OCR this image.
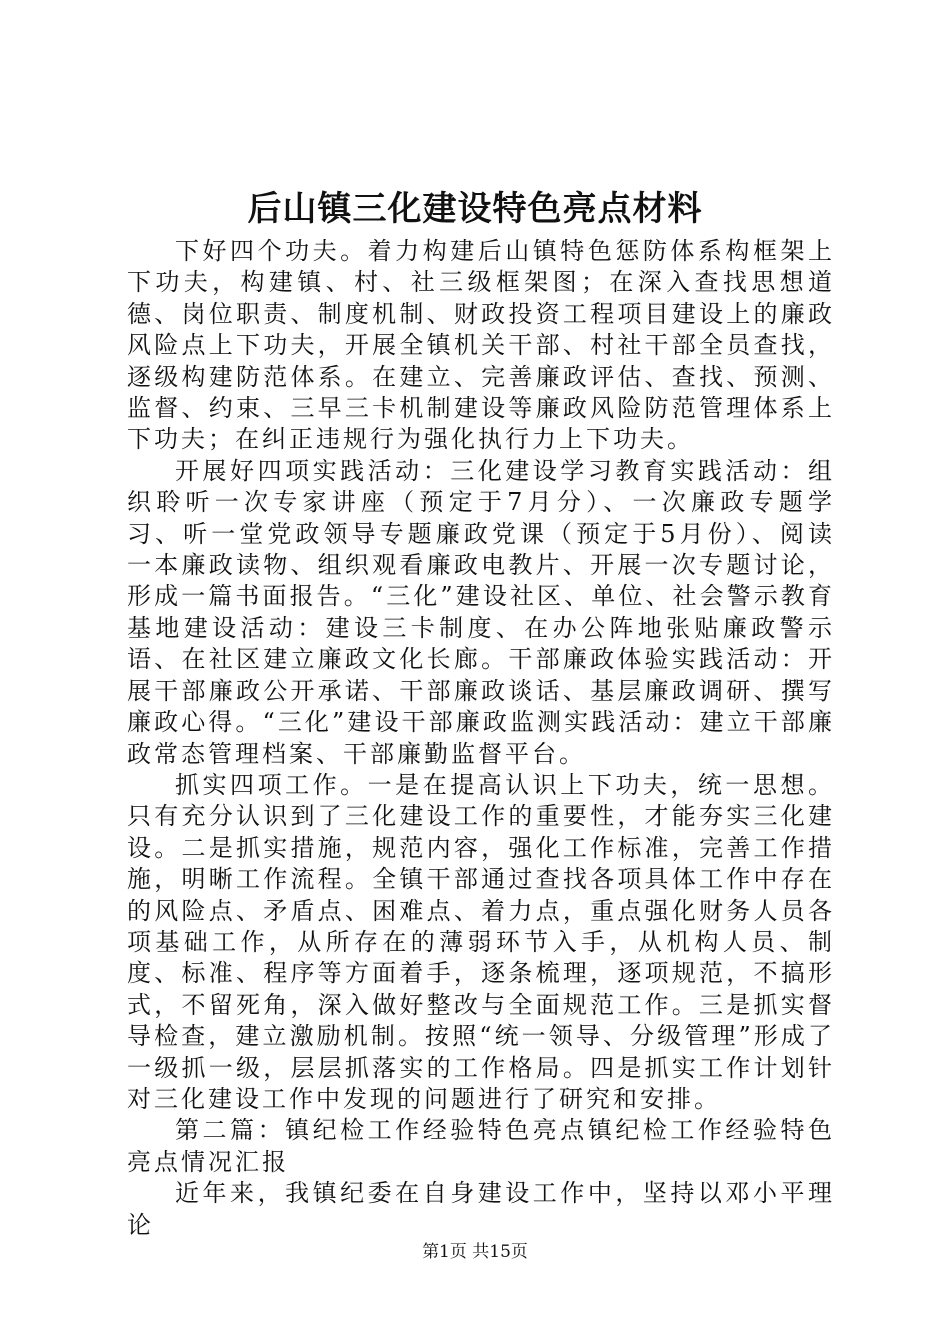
后山镇三化建设特色亮点材料

下好四个功夫。着力构建后山镇特色惩防体系构框架上下功夫，构建镇、村、社三级框架图；在深入查找思想道德、岗位职责、制度机制、财政投资工程项目建设上的廉政风险点上下功夫，开展全镇机关干部、村社干部全员查找，逐级构建防范体系。在建立、完善廉政评估、查找、预测、监督、约束、三早三卡机制建设等廉政风险防范管理体系上下功夫；在纠正违规行为强化执行力上下功夫。

开展好四项实践活动：三化建设学习教育实践活动：组织聆听一次专家讲座（预定于7月分）、一次廉政专题学习、听一堂党政领导专题廉政党课（预定于5月份）、阅读一本廉政读物、组织观看廉政电教片、开展一次专题讨论，形成一篇书面报告。“三化”建设社区、单位、社会警示教育基地建设活动：建设三卡制度、在办公阵地张贴廉政警示语、在社区建立廉政文化长廊。干部廉政体验实践活动：开展干部廉政公开承诺、干部廉政谈话、基层廉政调研、撰写廉政心得。“三化”建设干部廉政监测实践活动：建立干部廉政常态管理档案、干部廉勤监督平台。

抓实四项工作。一是在提高认识上下功夫，统一思想。只有充分认识到了三化建设工作的重要性，才能夯实三化建设。二是抓实措施，规范内容，强化工作标准，完善工作措施，明晰工作流程。全镇干部通过查找各项具体工作中存在的风险点、矛盾点、困难点、着力点，重点强化财务人员各项基础工作，从所存在的薄弱环节入手，从机构人员、制度、标准、程序等方面着手，逐条梳理，逐项规范，不搞形式，不留死角，深入做好整改与全面规范工作。三是抓实督导检查，建立激励机制。按照“统一领导、分级管理”形成了一级抓一级，层层抓落实的工作格局。四是抓实工作计划针对三化建设工作中发现的问题进行了研究和安排。

第二篇：镇纪检工作经验特色亮点镇纪检工作经验特色亮点情况汇报

近年来，我镇纪委在自身建设工作中，坚持以邓小平理论

第1页 共15页
